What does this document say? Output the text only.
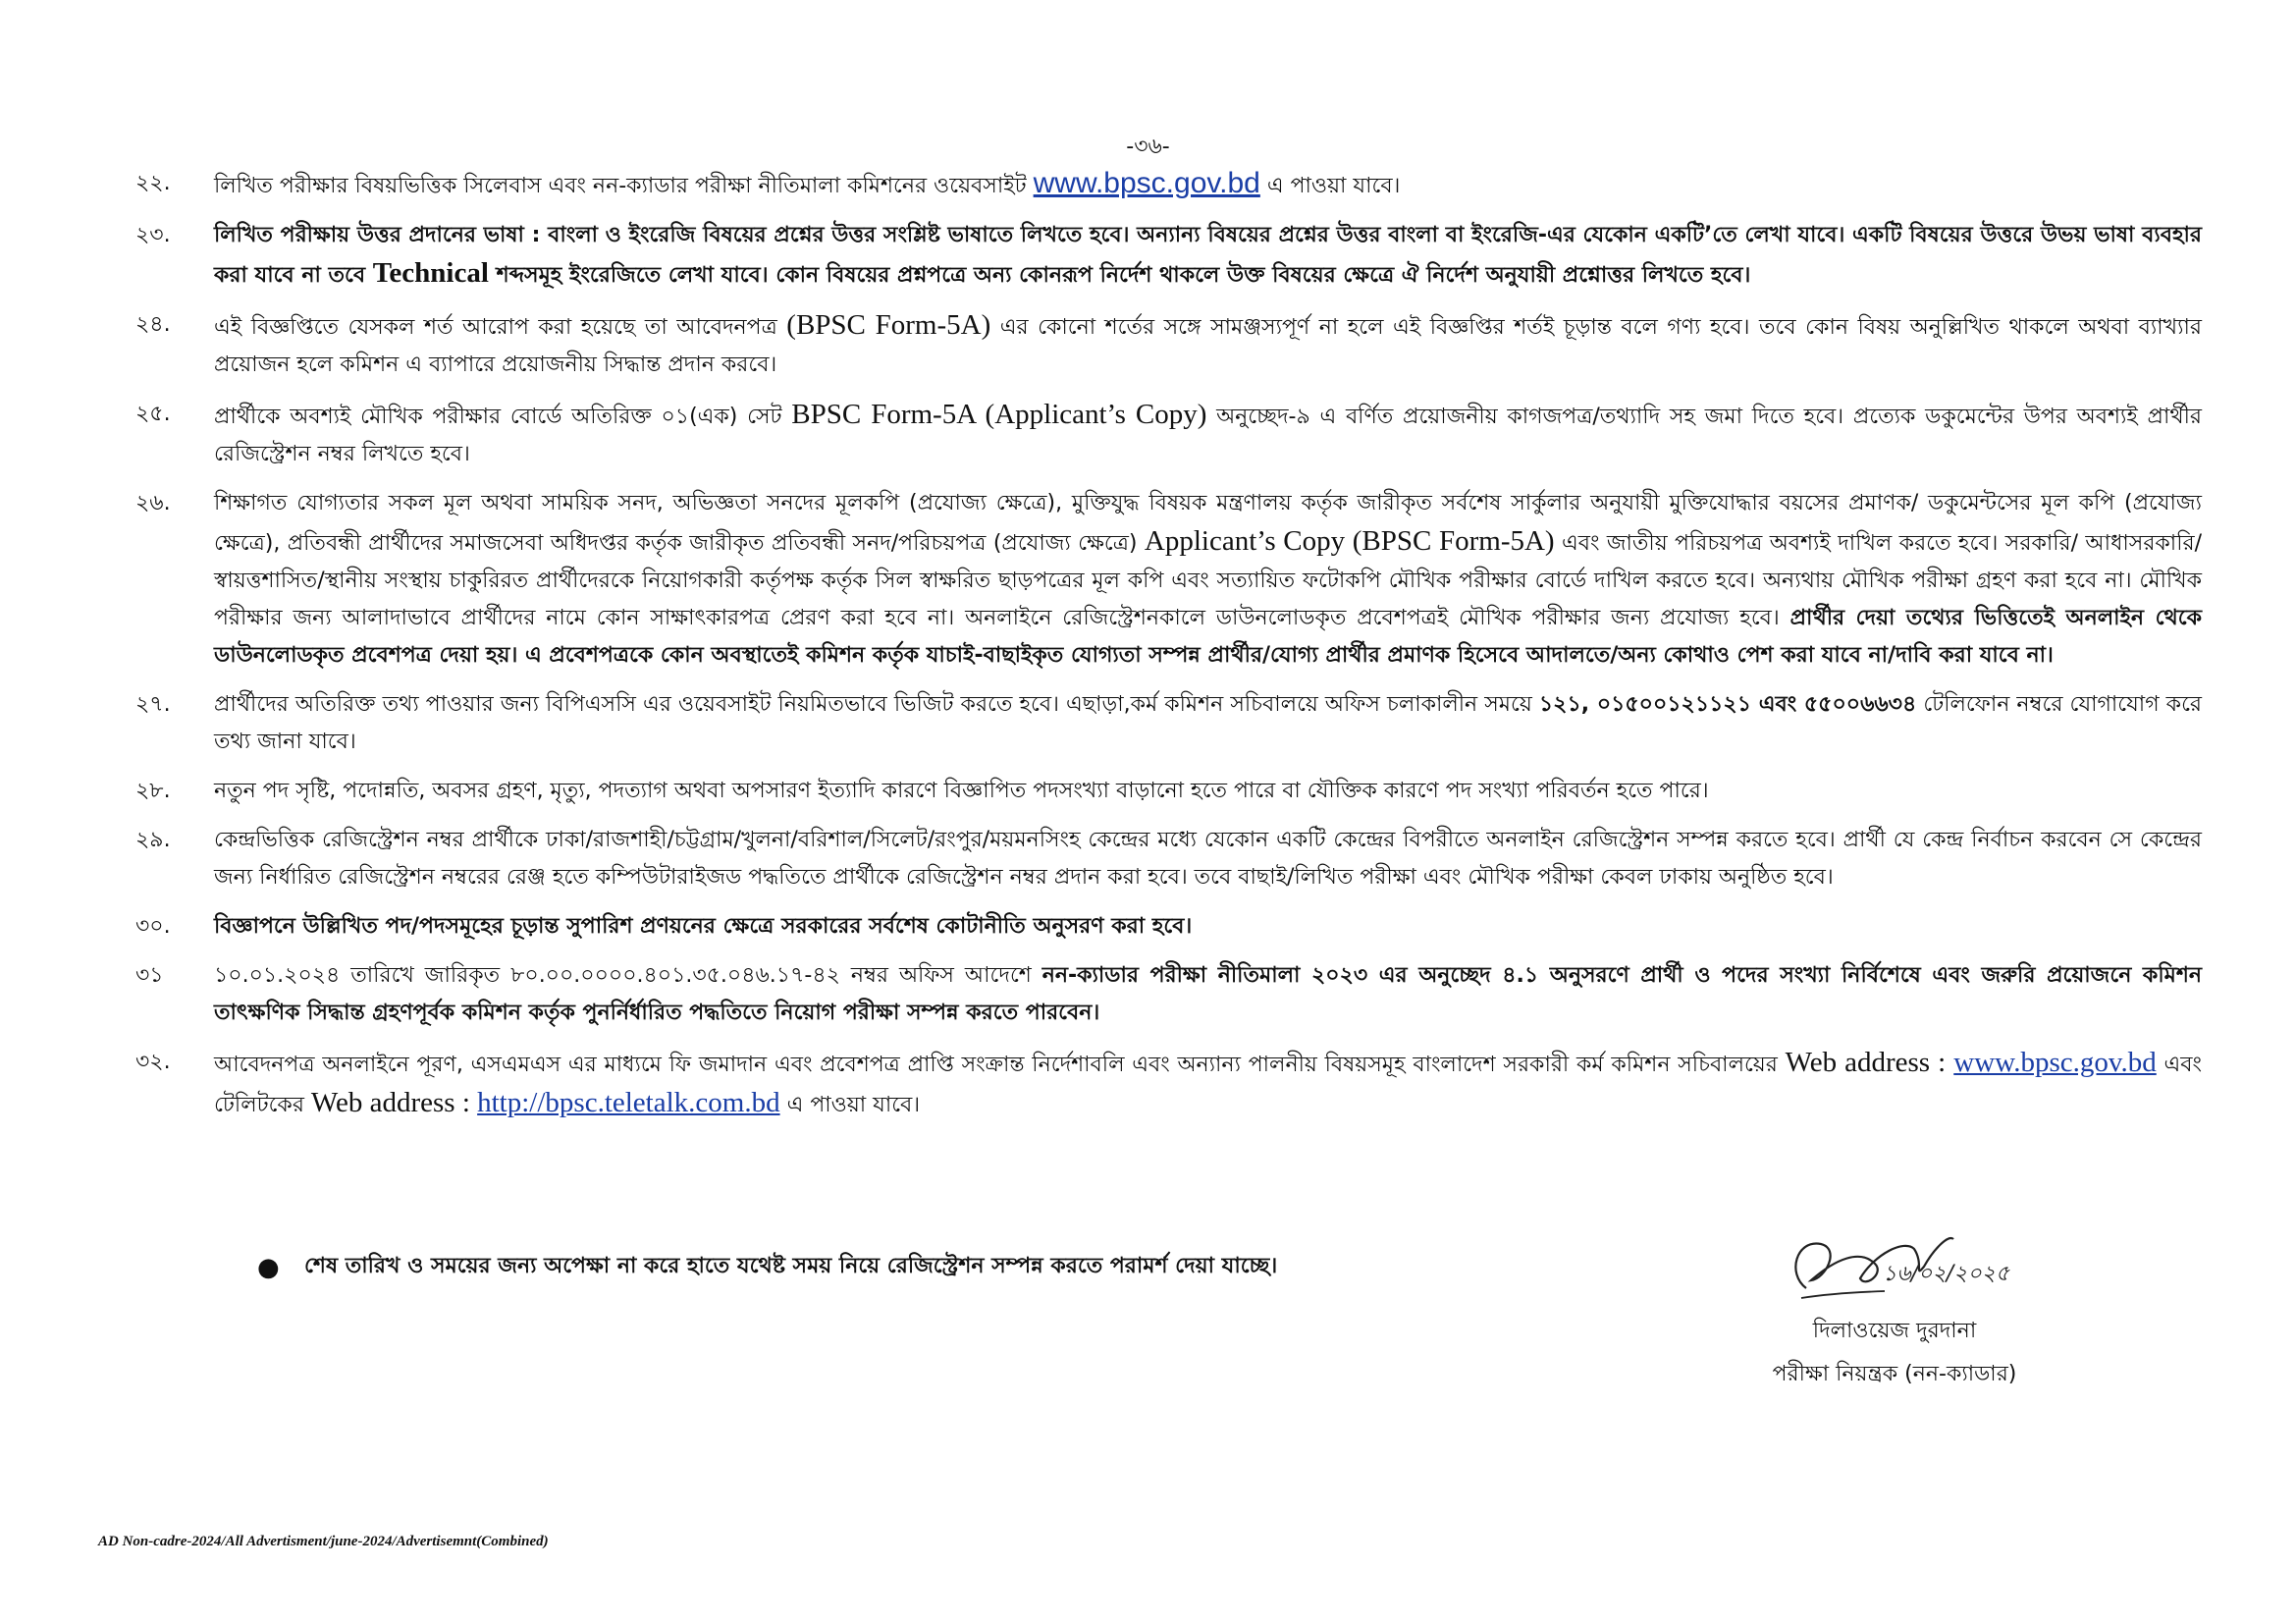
-৩৬-
২২.	লিখিত পরীক্ষার বিষয়ভিত্তিক সিলেবাস এবং নন-ক্যাডার পরীক্ষা নীতিমালা কমিশনের ওয়েবসাইট www.bpsc.gov.bd এ পাওয়া যাবে।
২৩.	লিখিত পরীক্ষায় উত্তর প্রদানের ভাষা : বাংলা ও ইংরেজি বিষয়ের প্রশ্নের উত্তর সংশ্লিষ্ট ভাষাতে লিখতে হবে। অন্যান্য বিষয়ের প্রশ্নের উত্তর বাংলা বা ইংরেজি-এর যেকোন একটি’তে লেখা যাবে। একটি বিষয়ের উত্তরে উভয় ভাষা ব্যবহার করা যাবে না তবে Technical শব্দসমূহ ইংরেজিতে লেখা যাবে। কোন বিষয়ের প্রশ্নপত্রে অন্য কোনরূপ নির্দেশ থাকলে উক্ত বিষয়ের ক্ষেত্রে ঐ নির্দেশ অনুযায়ী প্রশ্নোত্তর লিখতে হবে।
২৪.	এই বিজ্ঞপ্তিতে যেসকল শর্ত আরোপ করা হয়েছে তা আবেদনপত্র (BPSC Form-5A) এর কোনো শর্তের সঙ্গে সামঞ্জস্যপূর্ণ না হলে এই বিজ্ঞপ্তির শর্তই চূড়ান্ত বলে গণ্য হবে। তবে কোন বিষয় অনুল্লিখিত থাকলে অথবা ব্যাখ্যার প্রয়োজন হলে কমিশন এ ব্যাপারে প্রয়োজনীয় সিদ্ধান্ত প্রদান করবে।
২৫.	প্রার্থীকে অবশ্যই মৌখিক পরীক্ষার বোর্ডে অতিরিক্ত ০১(এক) সেট BPSC Form-5A (Applicant’s Copy) অনুচ্ছেদ-৯ এ বর্ণিত প্রয়োজনীয় কাগজপত্র/তথ্যাদি সহ জমা দিতে হবে। প্রত্যেক ডকুমেন্টের উপর অবশ্যই প্রার্থীর রেজিস্ট্রেশন নম্বর লিখতে হবে।
২৬.	শিক্ষাগত যোগ্যতার সকল মূল অথবা সাময়িক সনদ, অভিজ্ঞতা সনদের মূলকপি (প্রযোজ্য ক্ষেত্রে), মুক্তিযুদ্ধ বিষয়ক মন্ত্রণালয় কর্তৃক জারীকৃত সর্বশেষ সার্কুলার অনুযায়ী মুক্তিযোদ্ধার বয়সের প্রমাণক/ ডকুমেন্টসের মূল কপি (প্রযোজ্য ক্ষেত্রে), প্রতিবন্ধী প্রার্থীদের সমাজসেবা অধিদপ্তর কর্তৃক জারীকৃত প্রতিবন্ধী সনদ/পরিচয়পত্র (প্রযোজ্য ক্ষেত্রে) Applicant’s Copy (BPSC Form-5A) এবং জাতীয় পরিচয়পত্র অবশ্যই দাখিল করতে হবে। সরকারি/ আধাসরকারি/স্বায়ত্তশাসিত/স্থানীয় সংস্থায় চাকুরিরত প্রার্থীদেরকে নিয়োগকারী কর্তৃপক্ষ কর্তৃক সিল স্বাক্ষরিত ছাড়পত্রের মূল কপি এবং সত্যায়িত ফটোকপি মৌখিক পরীক্ষার বোর্ডে দাখিল করতে হবে। অন্যথায় মৌখিক পরীক্ষা গ্রহণ করা হবে না। মৌখিক পরীক্ষার জন্য আলাদাভাবে প্রার্থীদের নামে কোন সাক্ষাৎকারপত্র প্রেরণ করা হবে না। অনলাইনে রেজিস্ট্রেশনকালে ডাউনলোডকৃত প্রবেশপত্রই মৌখিক পরীক্ষার জন্য প্রযোজ্য হবে। প্রার্থীর দেয়া তথ্যের ভিত্তিতেই অনলাইন থেকে ডাউনলোডকৃত প্রবেশপত্র দেয়া হয়। এ প্রবেশপত্রকে কোন অবস্থাতেই কমিশন কর্তৃক যাচাই-বাছাইকৃত যোগ্যতা সম্পন্ন প্রার্থীর/যোগ্য প্রার্থীর প্রমাণক হিসেবে আদালতে/অন্য কোথাও পেশ করা যাবে না/দাবি করা যাবে না।
২৭.	প্রার্থীদের অতিরিক্ত তথ্য পাওয়ার জন্য বিপিএসসি এর ওয়েবসাইট নিয়মিতভাবে ভিজিট করতে হবে। এছাড়া,কর্ম কমিশন সচিবালয়ে অফিস চলাকালীন সময়ে ১২১, ০১৫০০১২১১২১ এবং ৫৫০০৬৬৩৪ টেলিফোন নম্বরে যোগাযোগ করে তথ্য জানা যাবে।
২৮.	নতুন পদ সৃষ্টি, পদোন্নতি, অবসর গ্রহণ, মৃত্যু, পদত্যাগ অথবা অপসারণ ইত্যাদি কারণে বিজ্ঞাপিত পদসংখ্যা বাড়ানো হতে পারে বা যৌক্তিক কারণে পদ সংখ্যা পরিবর্তন হতে পারে।
২৯.	কেন্দ্রভিত্তিক রেজিস্ট্রেশন নম্বর প্রার্থীকে ঢাকা/রাজশাহী/চট্টগ্রাম/খুলনা/বরিশাল/সিলেট/রংপুর/ময়মনসিংহ কেন্দ্রের মধ্যে যেকোন একটি কেন্দ্রের বিপরীতে অনলাইন রেজিস্ট্রেশন সম্পন্ন করতে হবে। প্রার্থী যে কেন্দ্র নির্বাচন করবেন সে কেন্দ্রের জন্য নির্ধারিত রেজিস্ট্রেশন নম্বরের রেঞ্জ হতে কম্পিউটারাইজড পদ্ধতিতে প্রার্থীকে রেজিস্ট্রেশন নম্বর প্রদান করা হবে। তবে বাছাই/লিখিত পরীক্ষা এবং মৌখিক পরীক্ষা কেবল ঢাকায় অনুষ্ঠিত হবে।
৩০.	বিজ্ঞাপনে উল্লিখিত পদ/পদসমূহের চূড়ান্ত সুপারিশ প্রণয়নের ক্ষেত্রে সরকারের সর্বশেষ কোটানীতি অনুসরণ করা হবে।
৩১	১০.০১.২০২৪ তারিখে জারিকৃত ৮০.০০.০০০০.৪০১.৩৫.০৪৬.১৭-৪২ নম্বর অফিস আদেশে নন-ক্যাডার পরীক্ষা নীতিমালা ২০২৩ এর অনুচ্ছেদ ৪.১ অনুসরণে প্রার্থী ও পদের সংখ্যা নির্বিশেষে এবং জরুরি প্রয়োজনে কমিশন তাৎক্ষণিক সিদ্ধান্ত গ্রহণপূর্বক কমিশন কর্তৃক পুনর্নির্ধারিত পদ্ধতিতে নিয়োগ পরীক্ষা সম্পন্ন করতে পারবেন।
৩২.	আবেদনপত্র অনলাইনে পূরণ, এসএমএস এর মাধ্যমে ফি জমাদান এবং প্রবেশপত্র প্রাপ্তি সংক্রান্ত নির্দেশাবলি এবং অন্যান্য পালনীয় বিষয়সমূহ বাংলাদেশ সরকারী কর্ম কমিশন সচিবালয়ের Web address : www.bpsc.gov.bd এবং টেলিটকের Web address : http://bpsc.teletalk.com.bd এ পাওয়া যাবে।
●	শেষ তারিখ ও সময়ের জন্য অপেক্ষা না করে হাতে যথেষ্ট সময় নিয়ে রেজিস্ট্রেশন সম্পন্ন করতে পরামর্শ দেয়া যাচ্ছে।	১৬/০২/২০২৫
দিলাওয়েজ দুরদানা
পরীক্ষা নিয়ন্ত্রক (নন-ক্যাডার)
AD Non-cadre-2024/All Advertisment/june-2024/Advertisemnt(Combined)
